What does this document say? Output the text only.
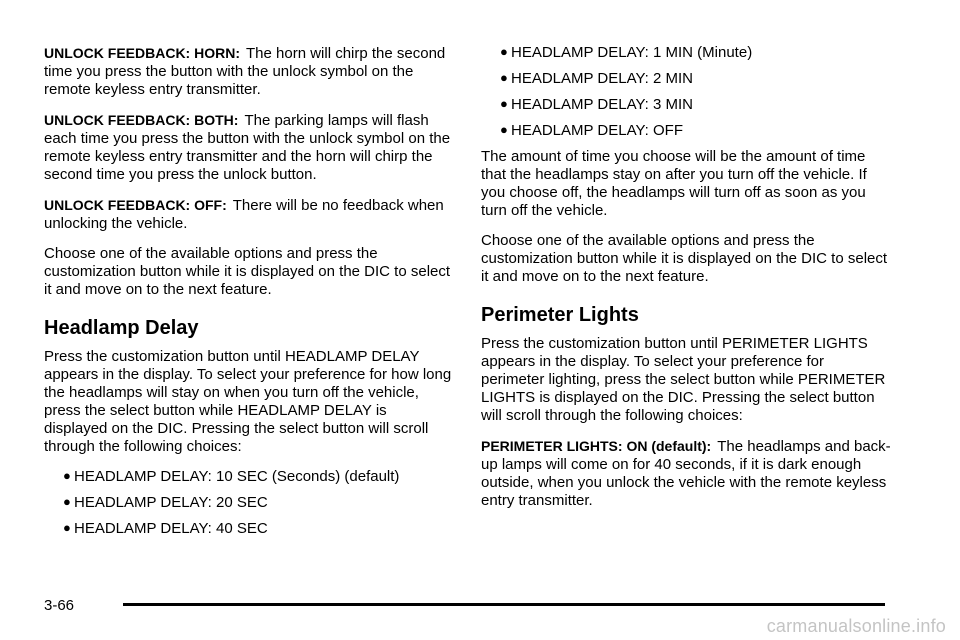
UNLOCK FEEDBACK: HORN: The horn will chirp the second time you press the button with the unlock symbol on the remote keyless entry transmitter.

UNLOCK FEEDBACK: BOTH: The parking lamps will flash each time you press the button with the unlock symbol on the remote keyless entry transmitter and the horn will chirp the second time you press the unlock button.

UNLOCK FEEDBACK: OFF: There will be no feedback when unlocking the vehicle.

Choose one of the available options and press the customization button while it is displayed on the DIC to select it and move on to the next feature.

Headlamp Delay

Press the customization button until HEADLAMP DELAY appears in the display. To select your preference for how long the headlamps will stay on when you turn off the vehicle, press the select button while HEADLAMP DELAY is displayed on the DIC. Pressing the select button will scroll through the following choices:

● HEADLAMP DELAY: 10 SEC (Seconds) (default)
● HEADLAMP DELAY: 20 SEC
● HEADLAMP DELAY: 40 SEC
● HEADLAMP DELAY: 1 MIN (Minute)
● HEADLAMP DELAY: 2 MIN
● HEADLAMP DELAY: 3 MIN
● HEADLAMP DELAY: OFF

The amount of time you choose will be the amount of time that the headlamps stay on after you turn off the vehicle. If you choose off, the headlamps will turn off as soon as you turn off the vehicle.

Choose one of the available options and press the customization button while it is displayed on the DIC to select it and move on to the next feature.

Perimeter Lights

Press the customization button until PERIMETER LIGHTS appears in the display. To select your preference for perimeter lighting, press the select button while PERIMETER LIGHTS is displayed on the DIC. Pressing the select button will scroll through the following choices:

PERIMETER LIGHTS: ON (default): The headlamps and back-up lamps will come on for 40 seconds, if it is dark enough outside, when you unlock the vehicle with the remote keyless entry transmitter.

3-66
carmanualsonline.info
